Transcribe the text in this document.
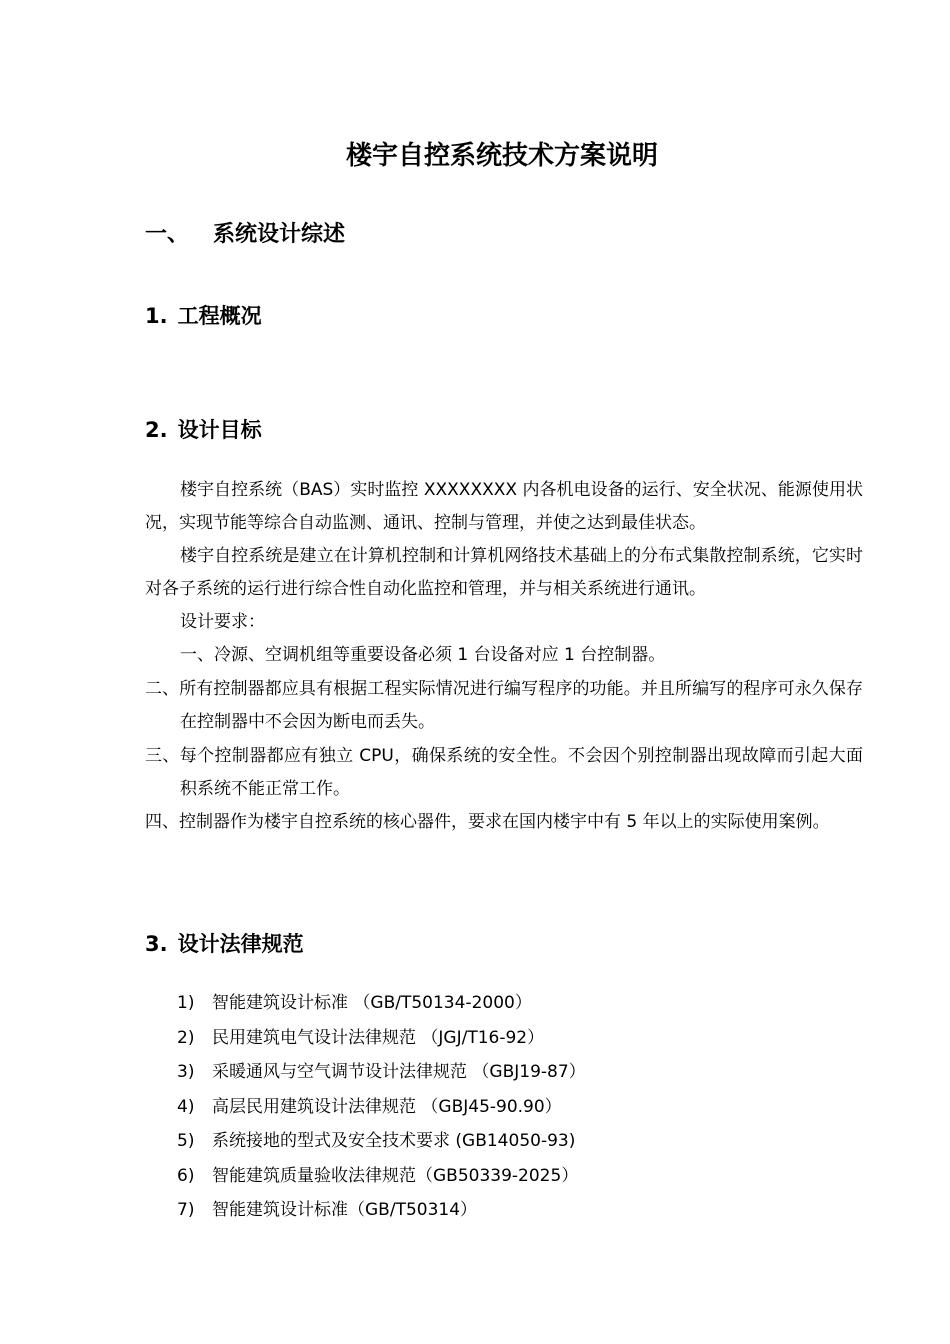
楼宇自控系统技术方案说明
一、 系统设计综述
1. 工程概况
2. 设计目标

楼宇自控系统（BAS）实时监控 XXXXXXXX 内各机电设备的运行、安全状况、能源使用状况，实现节能等综合自动监测、通讯、控制与管理，并使之达到最佳状态。

楼宇自控系统是建立在计算机控制和计算机网络技术基础上的分布式集散控制系统，它实时对各子系统的运行进行综合性自动化监控和管理，并与相关系统进行通讯。

设计要求：

一、冷源、空调机组等重要设备必须 1 台设备对应 1 台控制器。

二、所有控制器都应具有根据工程实际情况进行编写程序的功能。并且所编写的程序可永久保存在控制器中不会因为断电而丢失。

三、每个控制器都应有独立 CPU，确保系统的安全性。不会因个别控制器出现故障而引起大面积系统不能正常工作。

四、控制器作为楼宇自控系统的核心器件，要求在国内楼宇中有 5 年以上的实际使用案例。

3. 设计法律规范
1) 智能建筑设计标准 （GB/T50134-2000）
2) 民用建筑电气设计法律规范 （JGJ/T16-92）
3) 采暖通风与空气调节设计法律规范 （GBJ19-87）
4) 高层民用建筑设计法律规范 （GBJ45-90.90）
5) 系统接地的型式及安全技术要求 (GB14050-93)
6) 智能建筑质量验收法律规范（GB50339-2025）
7) 智能建筑设计标准（GB/T50314）
